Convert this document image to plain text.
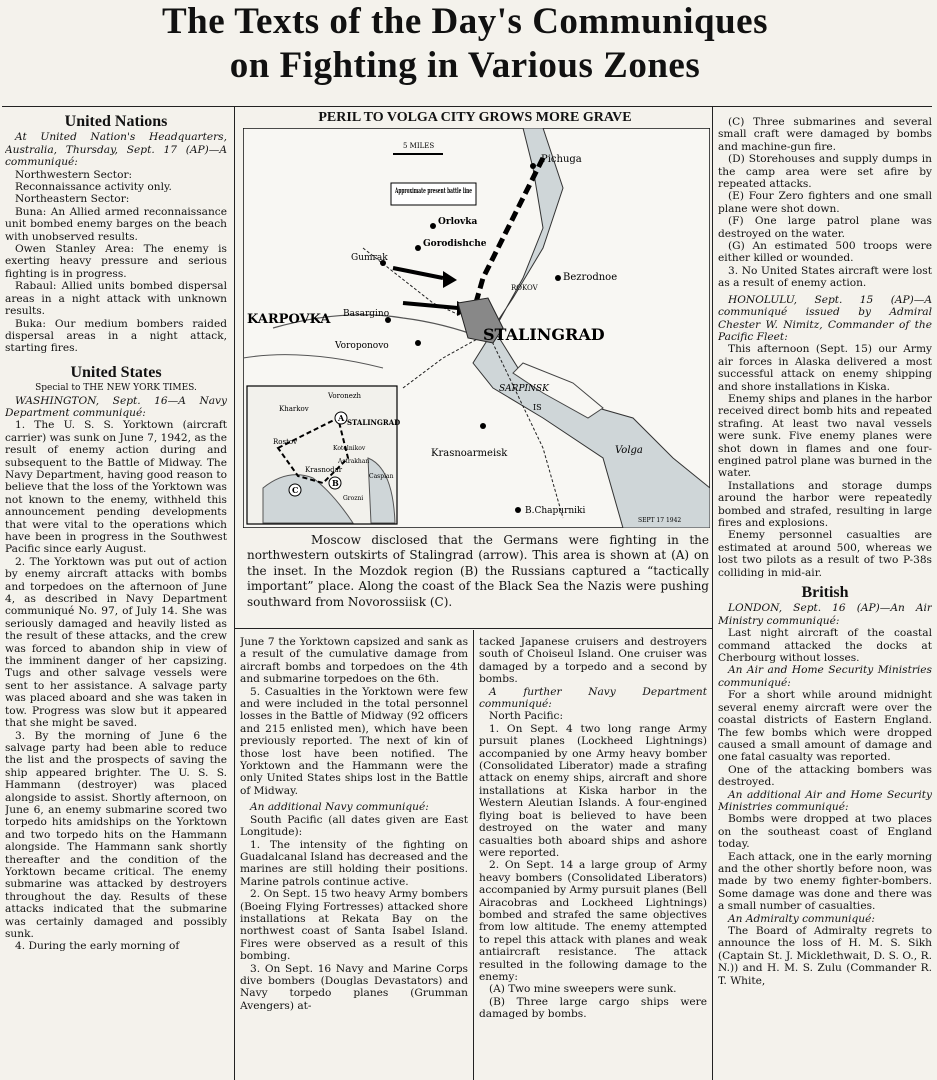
The Texts of the Day's Communiques
on Fighting in Various Zones
United Nations

At United Nation's Headquarters, Australia, Thursday, Sept. 17 (AP)—A communiqué:

Northwestern Sector:

Reconnaissance activity only.

Northeastern Sector:

Buna: An Allied armed reconnaissance unit bombed enemy barges on the beach with unobserved results.

Owen Stanley Area: The enemy is exerting heavy pressure and serious fighting is in progress.

Rabaul: Allied units bombed dispersal areas in a night attack with unknown results.

Buka: Our medium bombers raided dispersal areas in a night attack, starting fires.

United States

Special to THE NEW YORK TIMES.

WASHINGTON, Sept. 16—A Navy Department communiqué:

1. The U. S. S. Yorktown (aircraft carrier) was sunk on June 7, 1942, as the result of enemy action during and subsequent to the Battle of Midway. The Navy Department, having good reason to believe that the loss of the Yorktown was not known to the enemy, withheld this announcement pending developments that were vital to the operations which have been in progress in the Southwest Pacific since early August.

2. The Yorktown was put out of action by enemy aircraft attacks with bombs and torpedoes on the afternoon of June 4, as described in Navy Department communiqué No. 97, of July 14. She was seriously damaged and heavily listed as the result of these attacks, and the crew was forced to abandon ship in view of the imminent danger of her capsizing. Tugs and other salvage vessels were sent to her assistance. A salvage party was placed aboard and she was taken in tow. Progress was slow but it appeared that she might be saved.

3. By the morning of June 6 the salvage party had been able to reduce the list and the prospects of saving the ship appeared brighter. The U. S. S. Hammann (destroyer) was placed alongside to assist. Shortly afternoon, on June 6, an enemy submarine scored two torpedo hits amidships on the Yorktown and two torpedo hits on the Hammann alongside. The Hammann sank shortly thereafter and the condition of the Yorktown became critical. The enemy submarine was attacked by destroyers throughout the day. Results of these attacks indicated that the submarine was certainly damaged and possibly sunk.

4. During the early morning of

PERIL TO VOLGA CITY GROWS MORE GRAVE
5 MILES
Approximate present battle line
Pichuga
Orlovka
Gorodishche
Gumrak
Bezrodnoe
ROKOV
KARPOVKA Basargino
STALINGRAD
Voroponovo
SARPINSK
IS
Volga
Krasnoarmeisk
B.Chapurniki
SEPT 17 1942
A
B
C
Voronezh
Kharkov
STALINGRAD
Rostov
Kotelnikov
Astrakhan
Krasnodar
Caspian
Grozni
Moscow disclosed that the Germans were fighting in the northwestern outskirts of Stalingrad (arrow). This area is shown at (A) on the inset. In the Mozdok region (B) the Russians captured a “tactically important” place. Along the coast of the Black Sea the Nazis were pushing southward from Novorossiisk (C).

June 7 the Yorktown capsized and sank as a result of the cumulative damage from aircraft bombs and torpedoes on the 4th and submarine torpedoes on the 6th.

5. Casualties in the Yorktown were few and were included in the total personnel losses in the Battle of Midway (92 officers and 215 enlisted men), which have been previously reported. The next of kin of those lost have been notified. The Yorktown and the Hammann were the only United States ships lost in the Battle of Midway.

An additional Navy communiqué:

South Pacific (all dates given are East Longitude):

1. The intensity of the fighting on Guadalcanal Island has decreased and the marines are still holding their positions. Marine patrols continue active.

2. On Sept. 15 two heavy Army bombers (Boeing Flying Fortresses) attacked shore installations at Rekata Bay on the northwest coast of Santa Isabel Island. Fires were observed as a result of this bombing.

3. On Sept. 16 Navy and Marine Corps dive bombers (Douglas Devastators) and Navy torpedo planes (Grumman Avengers) at-

tacked Japanese cruisers and destroyers south of Choiseul Island. One cruiser was damaged by a torpedo and a second by bombs.

A further Navy Department communiqué:

North Pacific:

1. On Sept. 4 two long range Army pursuit planes (Lockheed Lightnings) accompanied by one Army heavy bomber (Consolidated Liberator) made a strafing attack on enemy ships, aircraft and shore installations at Kiska harbor in the Western Aleutian Islands. A four-engined flying boat is believed to have been destroyed on the water and many casualties both aboard ships and ashore were reported.

2. On Sept. 14 a large group of Army heavy bombers (Consolidated Liberators) accompanied by Army pursuit planes (Bell Airacobras and Lockheed Lightnings) bombed and strafed the same objectives from low altitude. The enemy attempted to repel this attack with planes and weak antiaircraft resistance. The attack resulted in the following damage to the enemy:

(A) Two mine sweepers were sunk.

(B) Three large cargo ships were damaged by bombs.

(C) Three submarines and several small craft were damaged by bombs and machine-gun fire.

(D) Storehouses and supply dumps in the camp area were set afire by repeated attacks.

(E) Four Zero fighters and one small plane were shot down.

(F) One large patrol plane was destroyed on the water.

(G) An estimated 500 troops were either killed or wounded.

3. No United States aircraft were lost as a result of enemy action.

HONOLULU, Sept. 15 (AP)—A communiqué issued by Admiral Chester W. Nimitz, Commander of the Pacific Fleet:

This afternoon (Sept. 15) our Army air forces in Alaska delivered a most successful attack on enemy shipping and shore installations in Kiska.

Enemy ships and planes in the harbor received direct bomb hits and repeated strafing. At least two naval vessels were sunk. Five enemy planes were shot down in flames and one four-engined patrol plane was burned in the water.

Installations and storage dumps around the harbor were repeatedly bombed and strafed, resulting in large fires and explosions.

Enemy personnel casualties are estimated at around 500, whereas we lost two pilots as a result of two P-38s colliding in mid-air.

British

LONDON, Sept. 16 (AP)—An Air Ministry communiqué:

Last night aircraft of the coastal command attacked the docks at Cherbourg without losses.

An Air and Home Security Ministries communiqué:

For a short while around midnight several enemy aircraft were over the coastal districts of Eastern England. The few bombs which were dropped caused a small amount of damage and one fatal casualty was reported.

One of the attacking bombers was destroyed.

An additional Air and Home Security Ministries communiqué:

Bombs were dropped at two places on the southeast coast of England today.

Each attack, one in the early morning and the other shortly before noon, was made by two enemy fighter-bombers. Some damage was done and there was a small number of casualties.

An Admiralty communiqué:

The Board of Admiralty regrets to announce the loss of H. M. S. Sikh (Captain St. J. Micklethwait, D. S. O., R. N.)) and H. M. S. Zulu (Commander R. T. White,
